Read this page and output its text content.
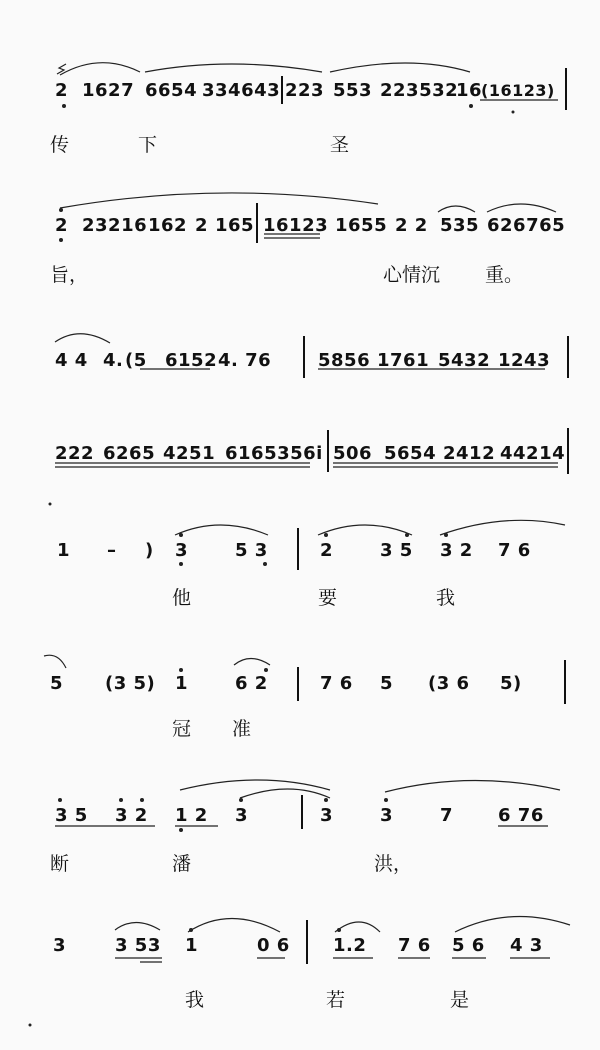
2 1627 6654 334643 223 553 223532
16
(16123)
传	下	圣
2 23216 162 2 165 16123 1655 2 2 535 626765
旨，	心情沉 重。
4 4 4. (5 6152 4. 76	5856 1761 5432 1243
222 6265 4251 6165356i 506 5654 2412 44214
1 – ) 3	5 3	2	3 5 3 2 7 6
他	要	我
5 (3 5) 1	6 2	7 6 5 (3 6 5)
冠 准
3 5 3 2 1 2 3	3	3	7 6 76
断	潘	洪，
3	3 53 1	0 6 1.2 7 6 5 6 4 3
我	若	是
